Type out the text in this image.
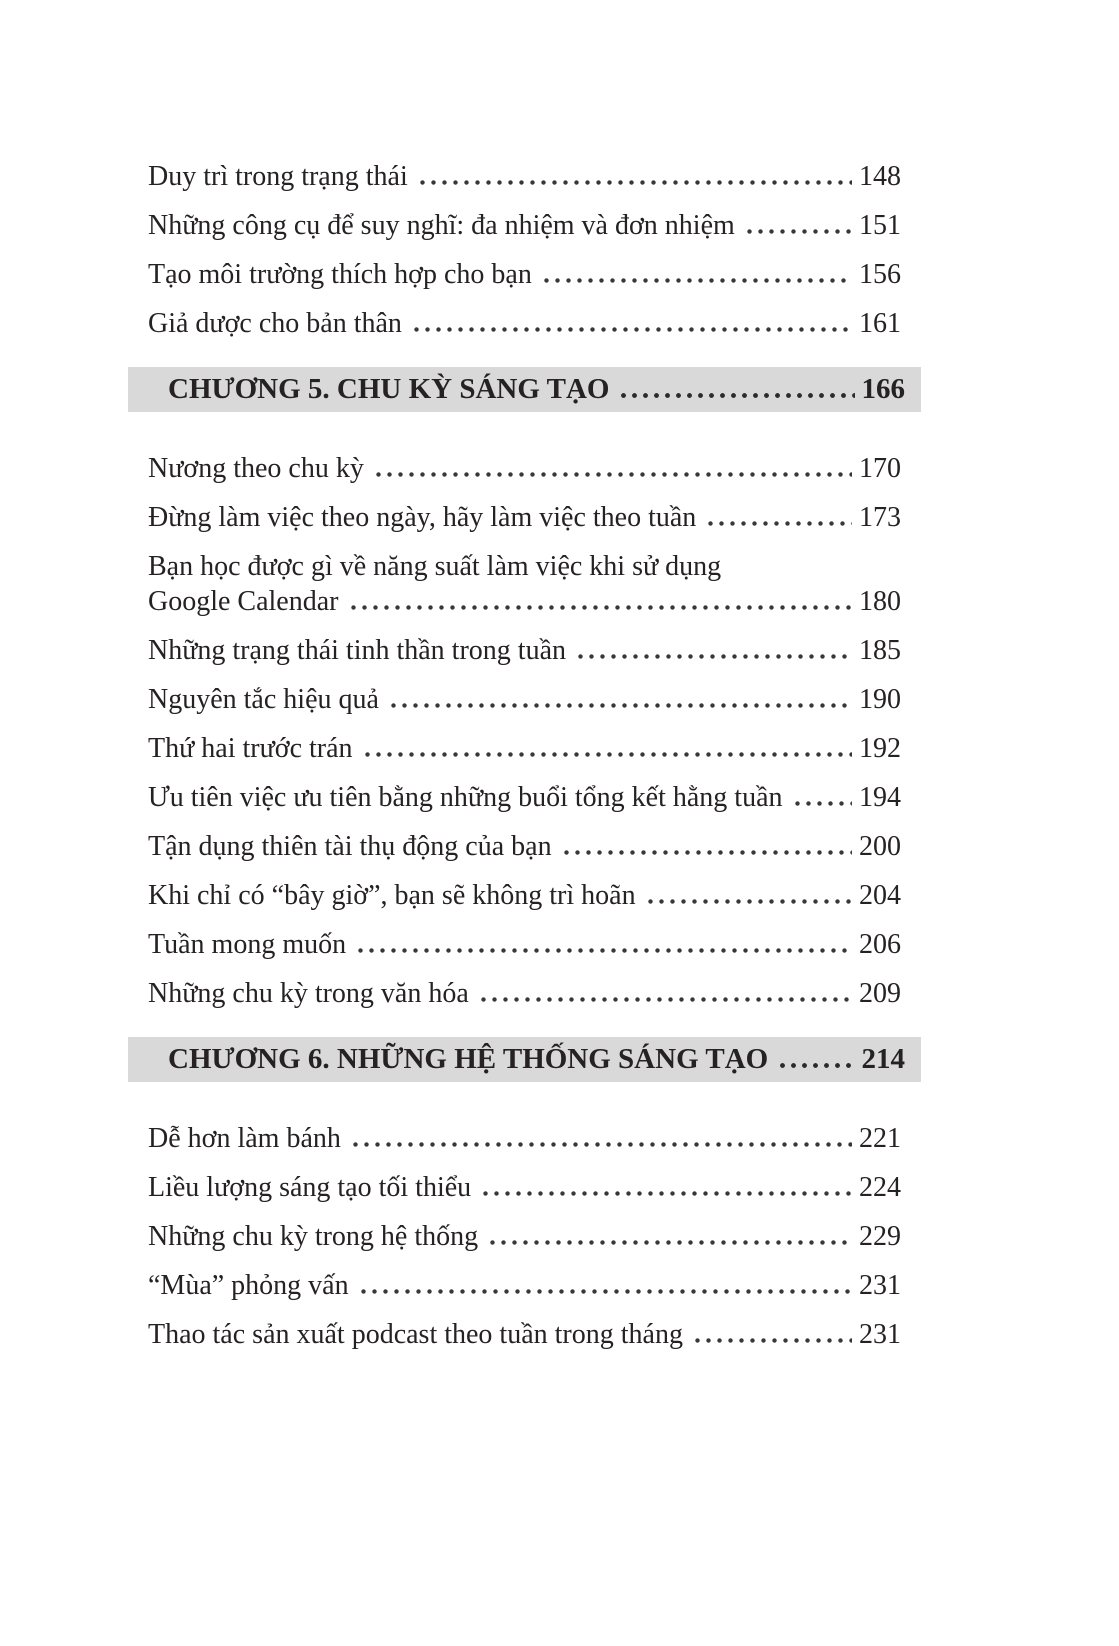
Duy trì trong trạng thái	148
Những công cụ để suy nghĩ: đa nhiệm và đơn nhiệm	151
Tạo môi trường thích hợp cho bạn	156
Giả dược cho bản thân	161
CHƯƠNG 5. CHU KỲ SÁNG TẠO	166
Nương theo chu kỳ	170
Đừng làm việc theo ngày, hãy làm việc theo tuần	173
Bạn học được gì về năng suất làm việc khi sử dụng
Google Calendar	180
Những trạng thái tinh thần trong tuần	185
Nguyên tắc hiệu quả	190
Thứ hai trước trán	192
Ưu tiên việc ưu tiên bằng những buổi tổng kết hằng tuần	194
Tận dụng thiên tài thụ động của bạn	200
Khi chỉ có “bây giờ”, bạn sẽ không trì hoãn	204
Tuần mong muốn	206
Những chu kỳ trong văn hóa	209
CHƯƠNG 6. NHỮNG HỆ THỐNG SÁNG TẠO	214
Dễ hơn làm bánh	221
Liều lượng sáng tạo tối thiểu	224
Những chu kỳ trong hệ thống	229
“Mùa” phỏng vấn	231
Thao tác sản xuất podcast theo tuần trong tháng	231
